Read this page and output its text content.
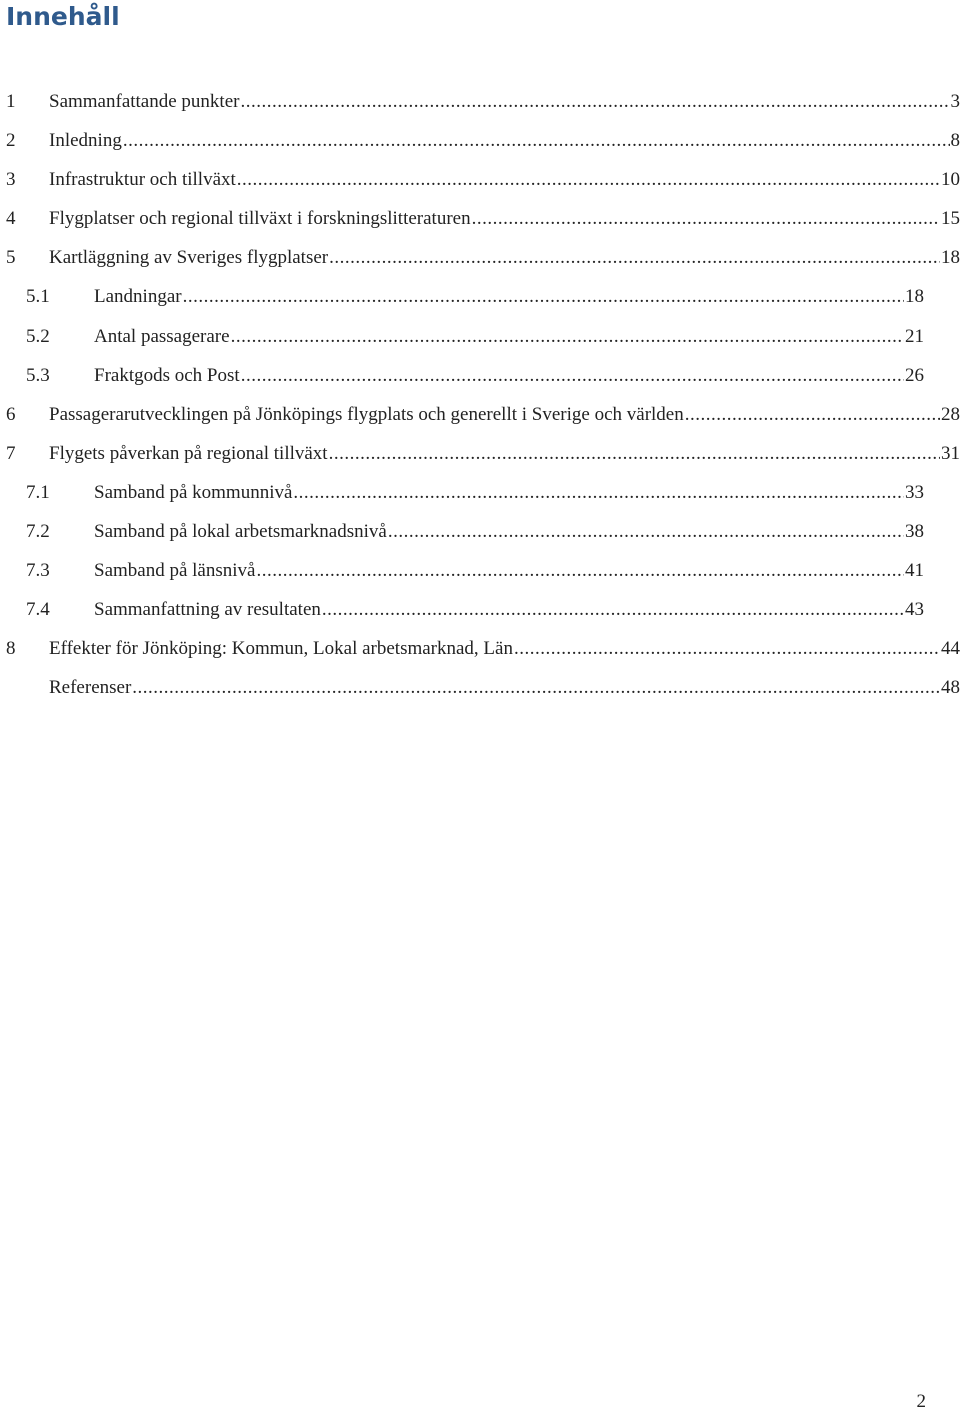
Innehåll
1 Sammanfattande punkter .....	3
2 Inledning .....	8
3 Infrastruktur och tillväxt .....	10
4 Flygplatser och regional tillväxt i forskningslitteraturen .....	15
5 Kartläggning av Sveriges flygplatser .....	18
5.1 Landningar .....	18
5.2 Antal passagerare .....	21
5.3 Fraktgods och Post .....	26
6 Passagerarutvecklingen på Jönköpings flygplats och generellt i Sverige och världen .....	28
7 Flygets påverkan på regional tillväxt .....	31
7.1 Samband på kommunnivå .....	33
7.2 Samband på lokal arbetsmarknadsnivå .....	38
7.3 Samband på länsnivå .....	41
7.4 Sammanfattning av resultaten .....	43
8 Effekter för Jönköping: Kommun, Lokal arbetsmarknad, Län .....	44
Referenser .....	48
2
